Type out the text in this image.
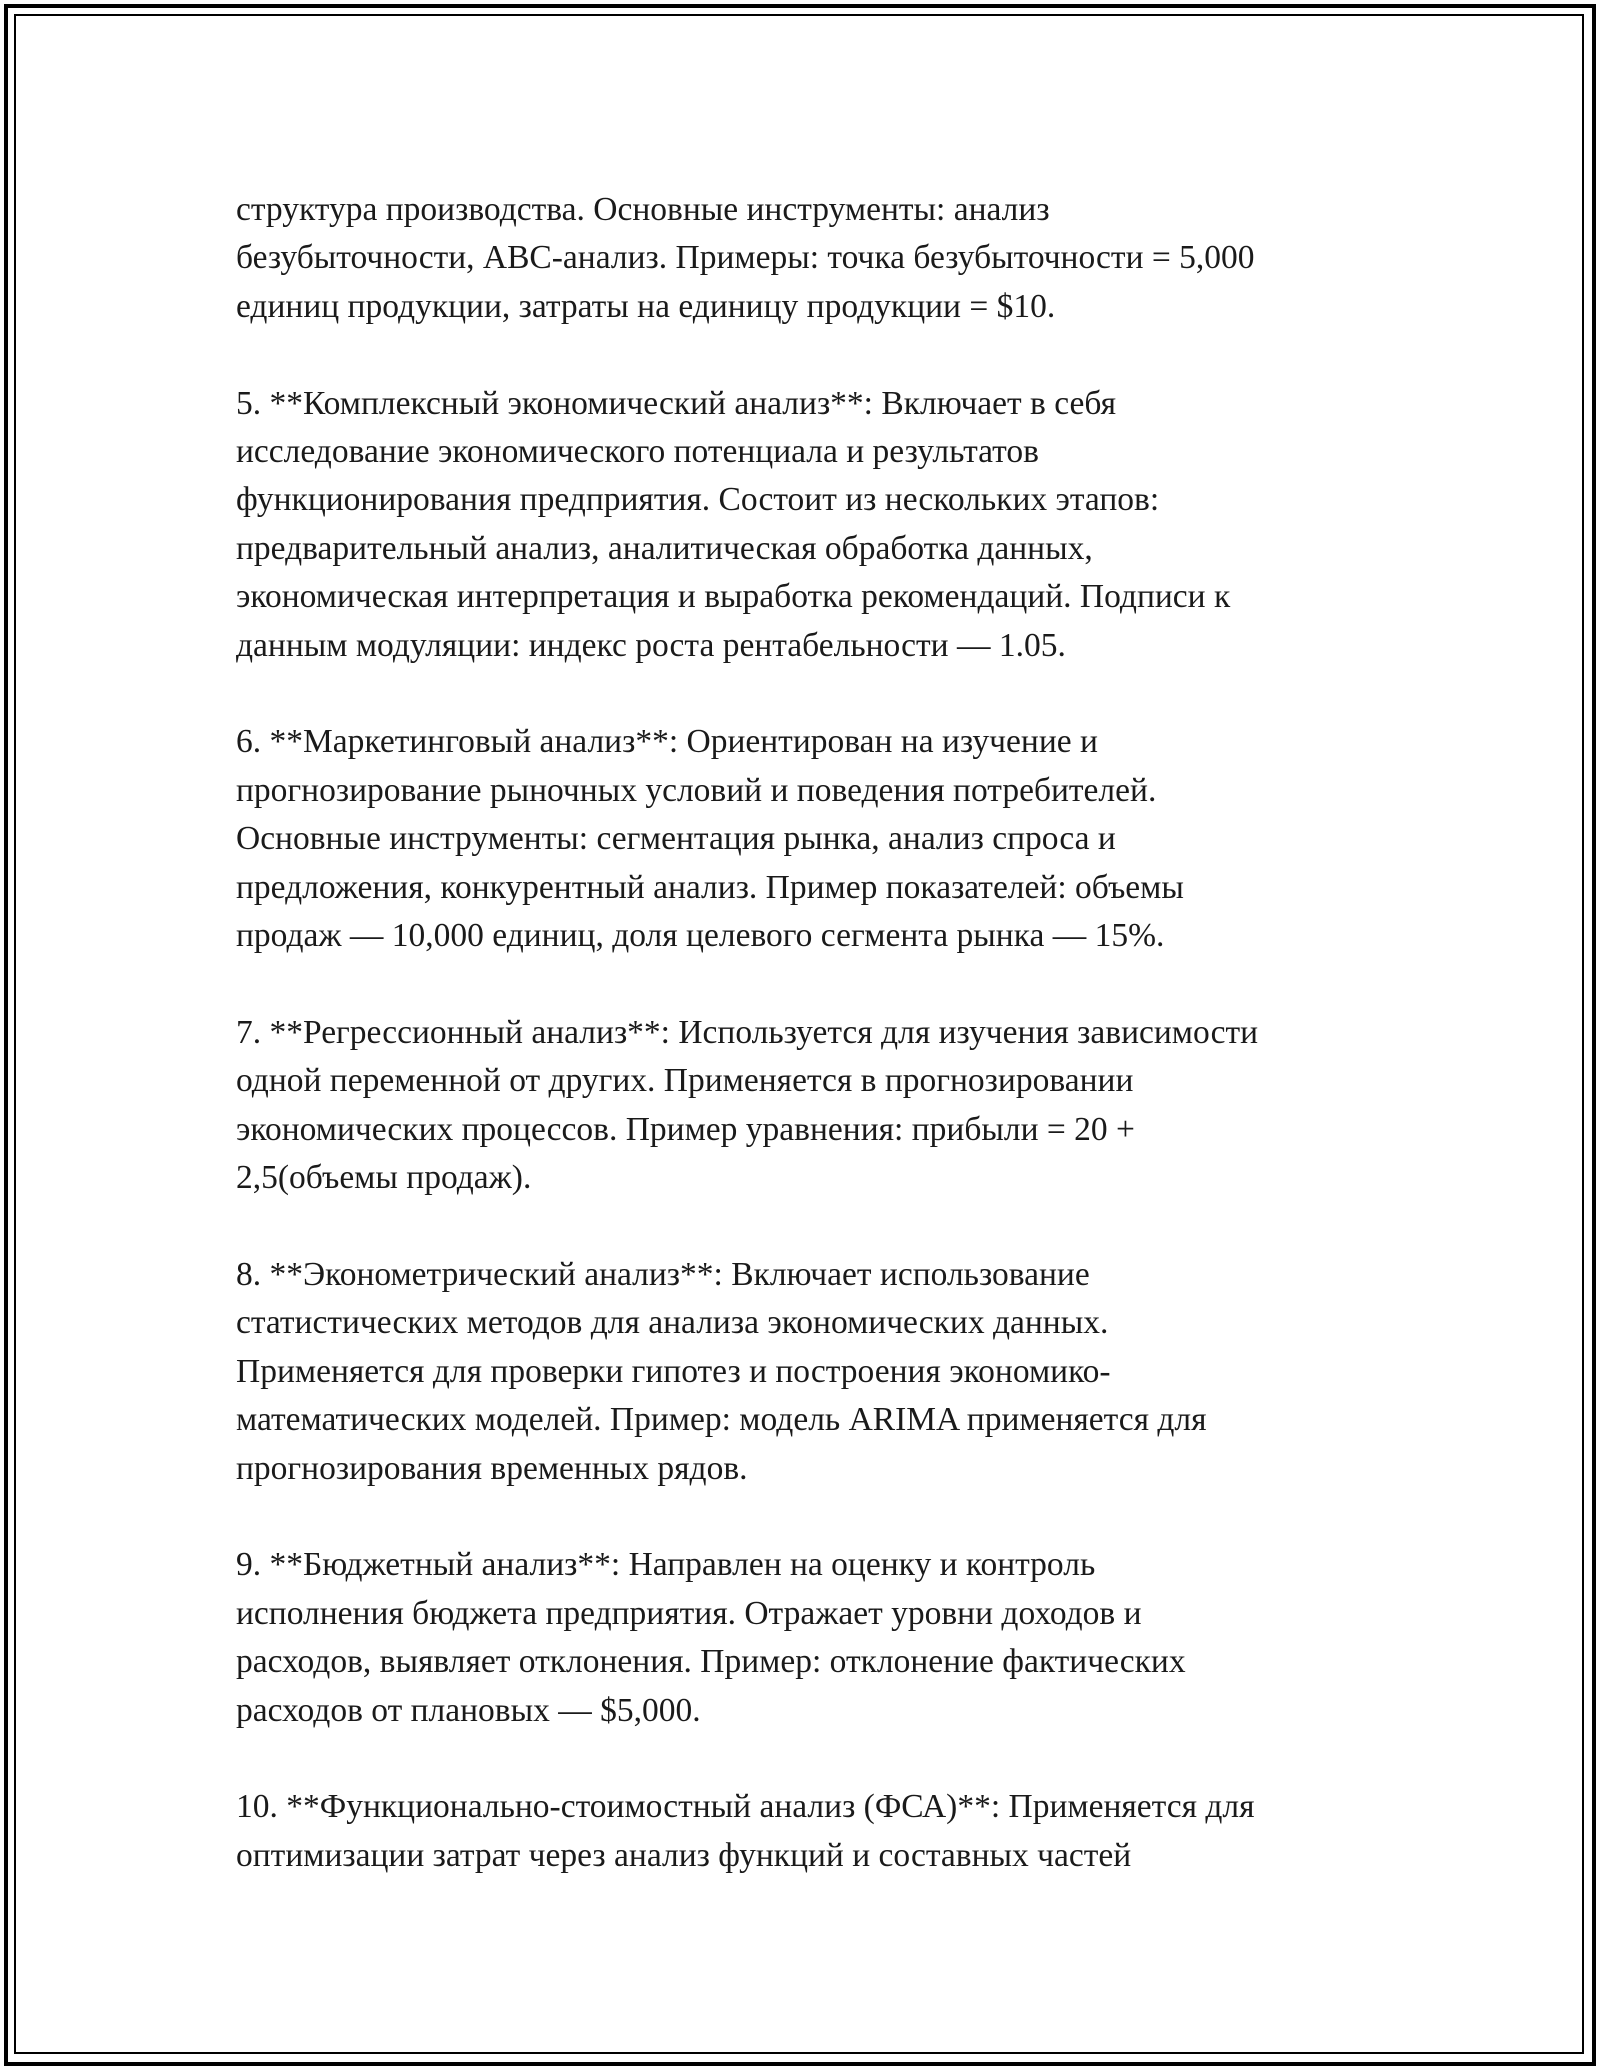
структура производства. Основные инструменты: анализ
безубыточности, ABC-анализ. Примеры: точка безубыточности = 5,000
единиц продукции, затраты на единицу продукции = $10.
5. **Комплексный экономический анализ**: Включает в себя
исследование экономического потенциала и результатов
функционирования предприятия. Состоит из нескольких этапов:
предварительный анализ, аналитическая обработка данных,
экономическая интерпретация и выработка рекомендаций. Подписи к
данным модуляции: индекс роста рентабельности — 1.05.
6. **Маркетинговый анализ**: Ориентирован на изучение и
прогнозирование рыночных условий и поведения потребителей.
Основные инструменты: сегментация рынка, анализ спроса и
предложения, конкурентный анализ. Пример показателей: объемы
продаж — 10,000 единиц, доля целевого сегмента рынка — 15%.
7. **Регрессионный анализ**: Используется для изучения зависимости
одной переменной от других. Применяется в прогнозировании
экономических процессов. Пример уравнения: прибыли = 20 +
2,5(объемы продаж).
8. **Эконометрический анализ**: Включает использование
статистических методов для анализа экономических данных.
Применяется для проверки гипотез и построения экономико-
математических моделей. Пример: модель ARIMA применяется для
прогнозирования временных рядов.
9. **Бюджетный анализ**: Направлен на оценку и контроль
исполнения бюджета предприятия. Отражает уровни доходов и
расходов, выявляет отклонения. Пример: отклонение фактических
расходов от плановых — $5,000.
10. **Функционально-стоимостный анализ (ФСА)**: Применяется для
оптимизации затрат через анализ функций и составных частей
